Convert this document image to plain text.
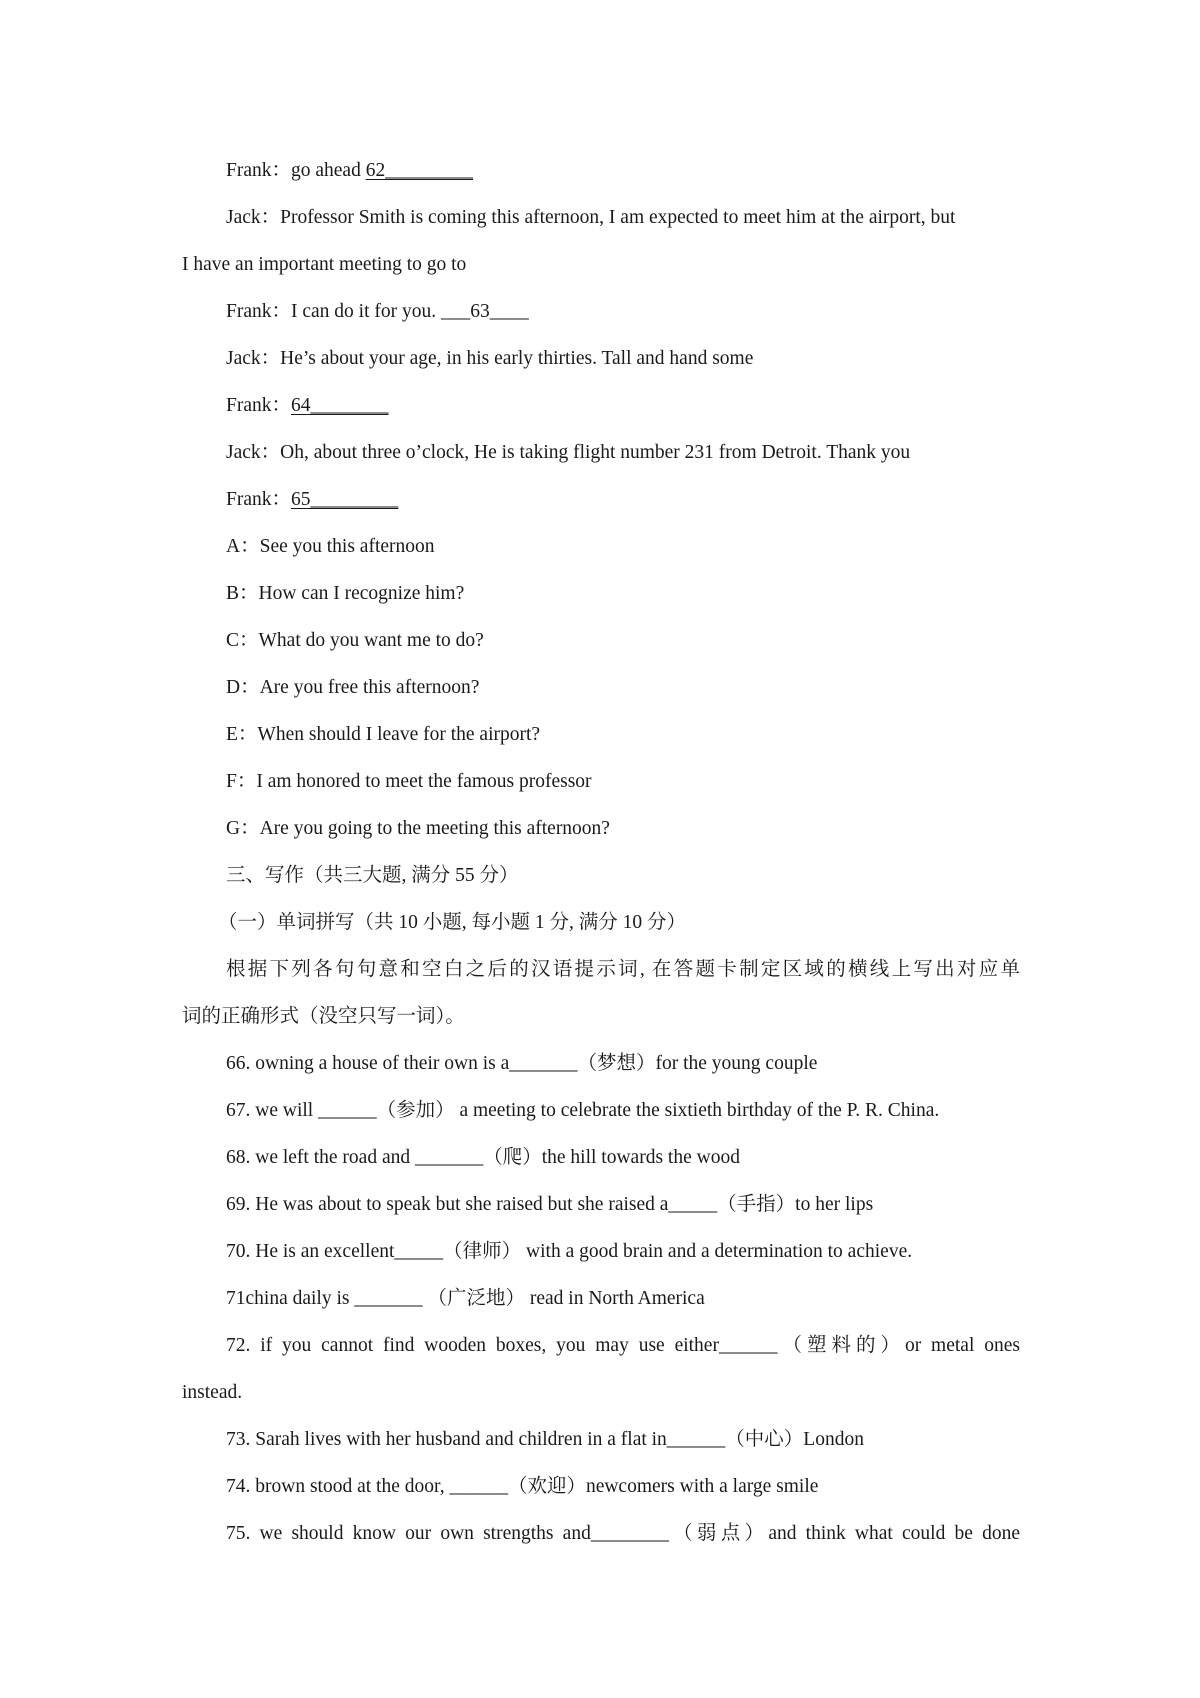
Frank：go ahead 62_________
Jack：Professor Smith is coming this afternoon, I am expected to meet him at the airport, but
I have an important meeting to go to
Frank：I can do it for you. ___63____
Jack：He’s about your age, in his early thirties. Tall and hand some
Frank：64________
Jack：Oh, about three o’clock, He is taking flight number 231 from Detroit. Thank you
Frank：65_________
A：See you this afternoon
B：How can I recognize him?
C：What do you want me to do?
D：Are you free this afternoon?
E：When should I leave for the airport?
F：I am honored to meet the famous professor
G：Are you going to the meeting this afternoon?
三、写作（共三大题, 满分 55 分）
（一）单词拼写（共 10 小题, 每小题 1 分, 满分 10 分）
根据下列各句句意和空白之后的汉语提示词, 在答题卡制定区域的横线上写出对应单
词的正确形式（没空只写一词）。
66. owning a house of their own is a_______（梦想）for the young couple
67. we will ______（参加） a meeting to celebrate the sixtieth birthday of the P. R. China.
68. we left the road and _______（爬）the hill towards the wood
69. He was about to speak but she raised but she raised a_____（手指）to her lips
70. He is an excellent_____（律师） with a good brain and a determination to achieve.
71china daily is _______ （广泛地） read in North America
72. if you cannot find wooden boxes, you may use either______（塑料的）or metal ones
instead.
73. Sarah lives with her husband and children in a flat in______（中心）London
74. brown stood at the door, ______（欢迎）newcomers with a large smile
75. we should know our own strengths and________（弱点）and think what could be done
